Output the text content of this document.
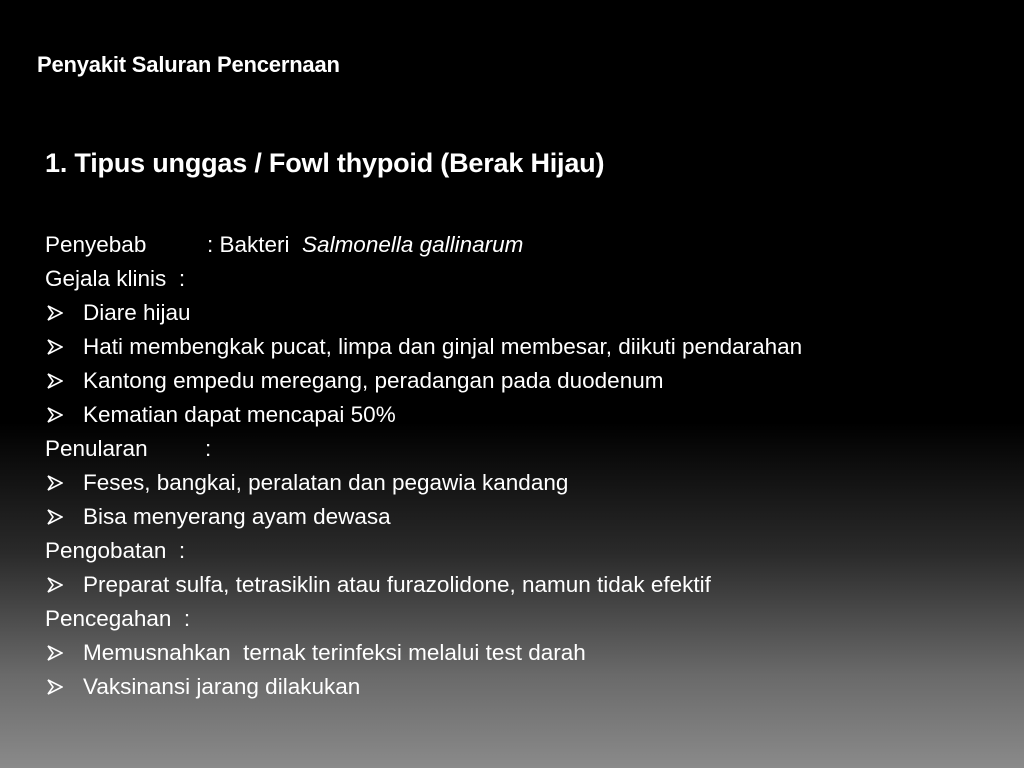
Penyakit Saluran Pencernaan
1. Tipus unggas / Fowl thypoid (Berak Hijau)
Penyebab	: Bakteri Salmonella gallinarum
Gejala klinis :
Diare hijau
Hati membengkak pucat, limpa dan ginjal membesar, diikuti pendarahan
Kantong empedu meregang, peradangan pada duodenum
Kematian dapat mencapai 50%
Penularan	:
Feses, bangkai, peralatan dan pegawia kandang
Bisa menyerang ayam dewasa
Pengobatan :
Preparat sulfa, tetrasiklin atau furazolidone, namun tidak efektif
Pencegahan :
Memusnahkan  ternak terinfeksi melalui test darah
Vaksinansi jarang dilakukan
